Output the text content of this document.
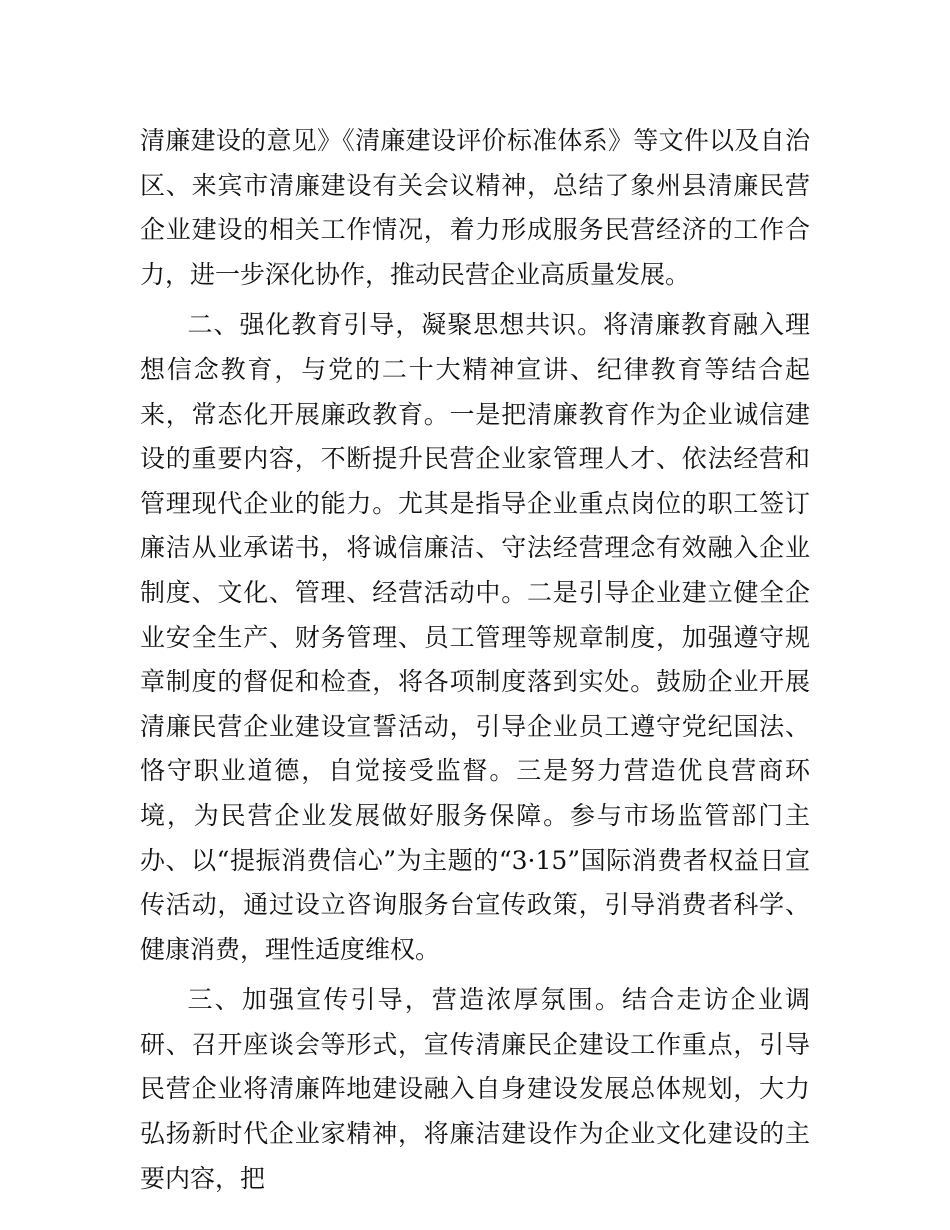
清廉建设的意见》《清廉建设评价标准体系》等文件以及自治区、来宾市清廉建设有关会议精神，总结了象州县清廉民营企业建设的相关工作情况，着力形成服务民营经济的工作合力，进一步深化协作，推动民营企业高质量发展。

二、强化教育引导，凝聚思想共识。将清廉教育融入理想信念教育，与党的二十大精神宣讲、纪律教育等结合起来，常态化开展廉政教育。一是把清廉教育作为企业诚信建设的重要内容，不断提升民营企业家管理人才、依法经营和管理现代企业的能力。尤其是指导企业重点岗位的职工签订廉洁从业承诺书，将诚信廉洁、守法经营理念有效融入企业制度、文化、管理、经营活动中。二是引导企业建立健全企业安全生产、财务管理、员工管理等规章制度，加强遵守规章制度的督促和检查，将各项制度落到实处。鼓励企业开展清廉民营企业建设宣誓活动，引导企业员工遵守党纪国法、恪守职业道德，自觉接受监督。三是努力营造优良营商环境，为民营企业发展做好服务保障。参与市场监管部门主办、以“提振消费信心”为主题的“3·15”国际消费者权益日宣传活动，通过设立咨询服务台宣传政策，引导消费者科学、健康消费，理性适度维权。

三、加强宣传引导，营造浓厚氛围。结合走访企业调研、召开座谈会等形式，宣传清廉民企建设工作重点，引导民营企业将清廉阵地建设融入自身建设发展总体规划，大力弘扬新时代企业家精神，将廉洁建设作为企业文化建设的主要内容，把
